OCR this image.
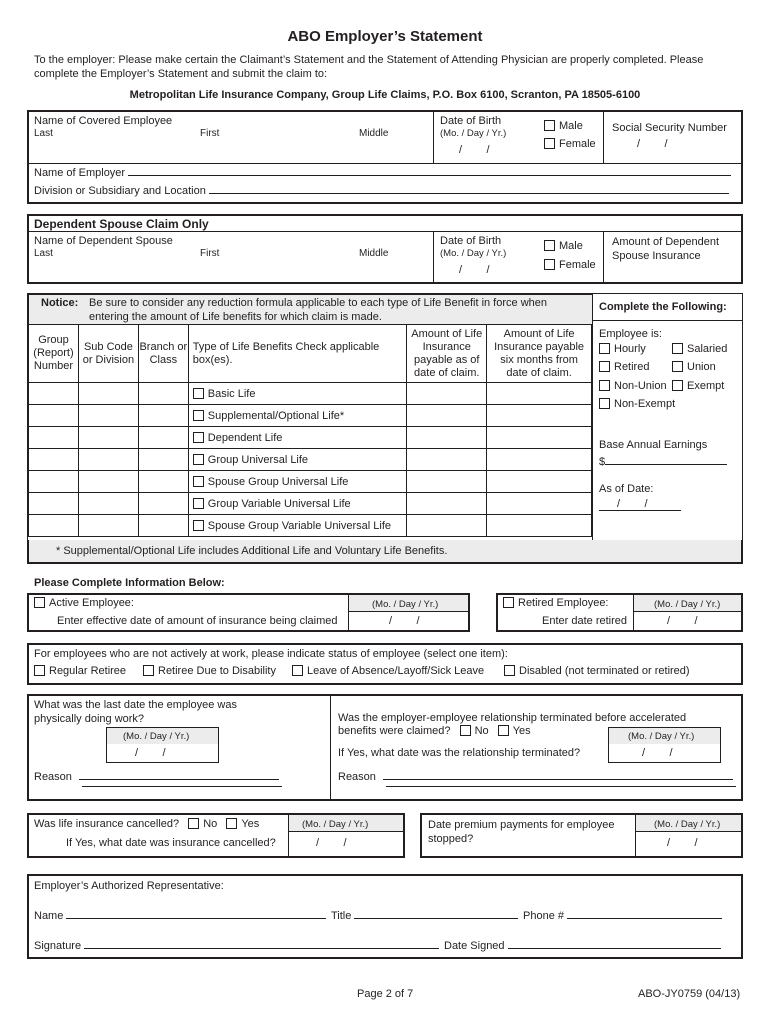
ABO Employer’s Statement
To the employer: Please make certain the Claimant’s Statement and the Statement of Attending Physician are properly completed. Please complete the Employer’s Statement and submit the claim to:
Metropolitan Life Insurance Company, Group Life Claims, P.O. Box 6100, Scranton, PA 18505-6100
Name of Covered Employee
Last	First	Middle
Date of Birth
(Mo. / Day / Yr.)
/        /
Male
Female
Social Security Number
/        /
Name of Employer
Division or Subsidiary and Location
Dependent Spouse Claim Only
Name of Dependent Spouse
Last	First	Middle
Date of Birth
(Mo. / Day / Yr.)
/        /
Male
Female
Amount of Dependent Spouse Insurance
Notice: Be sure to consider any reduction formula applicable to each type of Life Benefit in force when
entering the amount of Life benefits for which claim is made.
Group (Report) Number	Sub Code or Division	Branch or Class	Type of Life Benefits Check applicable box(es).	Amount of Life Insurance payable as of date of claim.	Amount of Life Insurance payable six months from date of claim.
			Basic Life		
			Supplemental/Optional Life*		
			Dependent Life		
			Group Universal Life		
			Spouse Group Universal Life		
			Group Variable Universal Life		
			Spouse Group Variable Universal Life		
* Supplemental/Optional Life includes Additional Life and Voluntary Life Benefits.
Complete the Following:
Employee is:
Hourly	Salaried
Retired	Union
Non-Union	Exempt
Non-Exempt
Base Annual Earnings
$
As of Date:
/        /
Please Complete Information Below:
Active Employee:	(Mo. / Day / Yr.)
Enter effective date of amount of insurance being claimed	/        /
Retired Employee:	(Mo. / Day / Yr.)
Enter date retired	/        /
For employees who are not actively at work, please indicate status of employee (select one item):
Regular Retiree	Retiree Due to Disability	Leave of Absence/Layoff/Sick Leave	Disabled (not terminated or retired)
What was the last date the employee was
physically doing work?
(Mo. / Day / Yr.)
/        /
Reason
Was the employer-employee relationship terminated before accelerated
benefits were claimed? No Yes	(Mo. / Day / Yr.)
If Yes, what date was the relationship terminated?	/        /
Reason
Was life insurance cancelled? No Yes	(Mo. / Day / Yr.)
If Yes, what date was insurance cancelled?	/        /
Date premium payments for employee stopped?
(Mo. / Day / Yr.)
/        /
Employer’s Authorized Representative:
Name	Title	Phone #
Signature	Date Signed
Page 2 of 7	ABO-JY0759 (04/13)
